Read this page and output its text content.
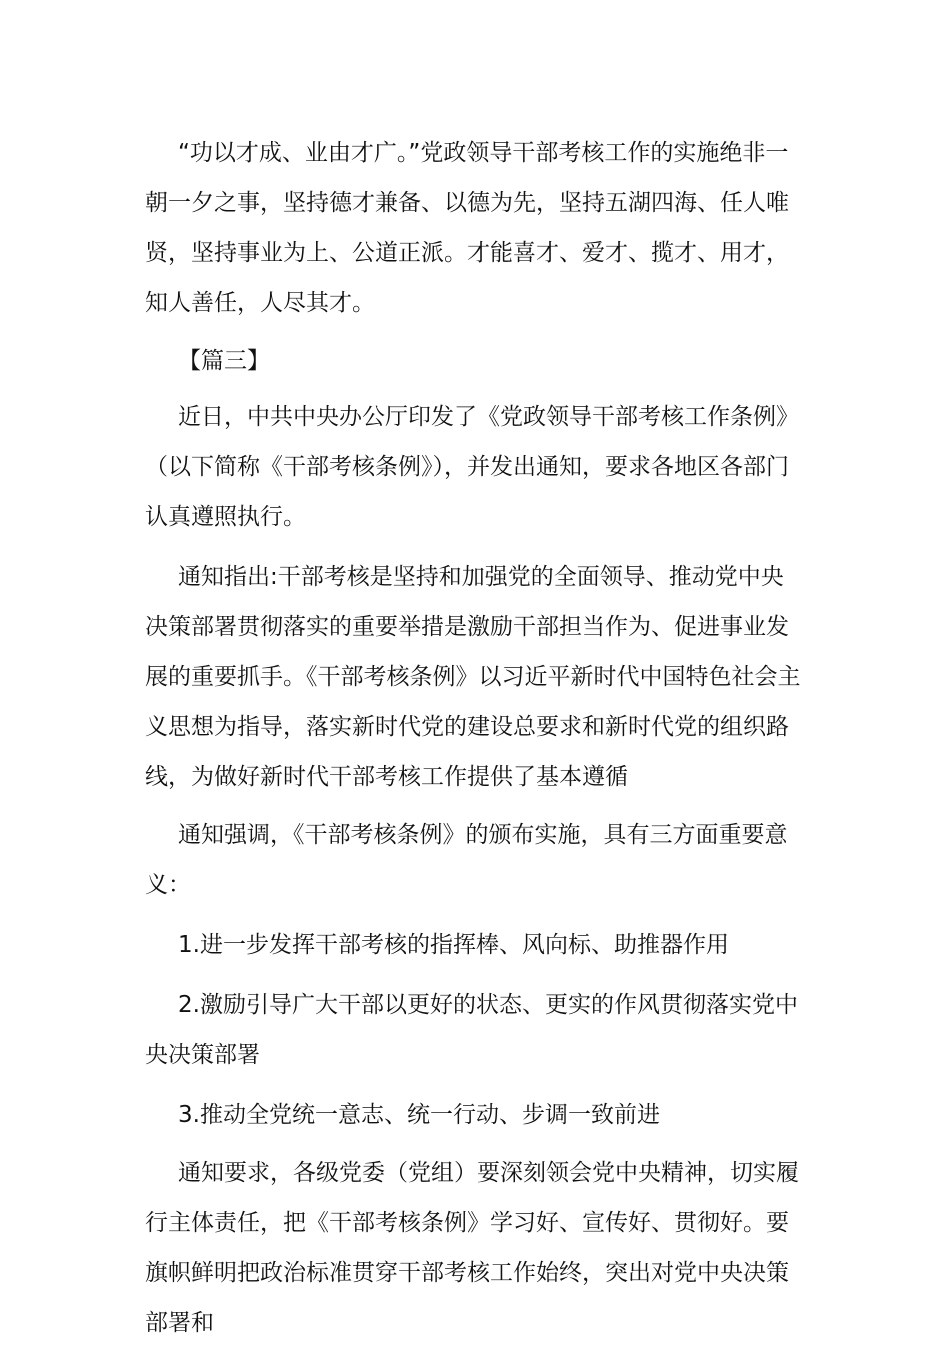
“功以才成、业由才广。”党政领导干部考核工作的实施绝非一朝一夕之事，坚持德才兼备、以德为先，坚持五湖四海、任人唯贤，坚持事业为上、公道正派。才能喜才、爱才、揽才、用才，知人善任，人尽其才。

【篇三】

近日，中共中央办公厅印发了《党政领导干部考核工作条例》（以下简称《干部考核条例》），并发出通知，要求各地区各部门认真遵照执行。

通知指出:干部考核是坚持和加强党的全面领导、推动党中央决策部署贯彻落实的重要举措是激励干部担当作为、促进事业发展的重要抓手。《干部考核条例》以习近平新时代中国特色社会主义思想为指导，落实新时代党的建设总要求和新时代党的组织路线，为做好新时代干部考核工作提供了基本遵循

通知强调，《干部考核条例》的颁布实施，具有三方面重要意义：

1.进一步发挥干部考核的指挥棒、风向标、助推器作用

2.激励引导广大干部以更好的状态、更实的作风贯彻落实党中央决策部署

3.推动全党统一意志、统一行动、步调一致前进

通知要求，各级党委（党组）要深刻领会党中央精神，切实履行主体责任，把《干部考核条例》学习好、宣传好、贯彻好。要旗帜鲜明把政治标准贯穿干部考核工作始终，突出对党中央决策部署和
